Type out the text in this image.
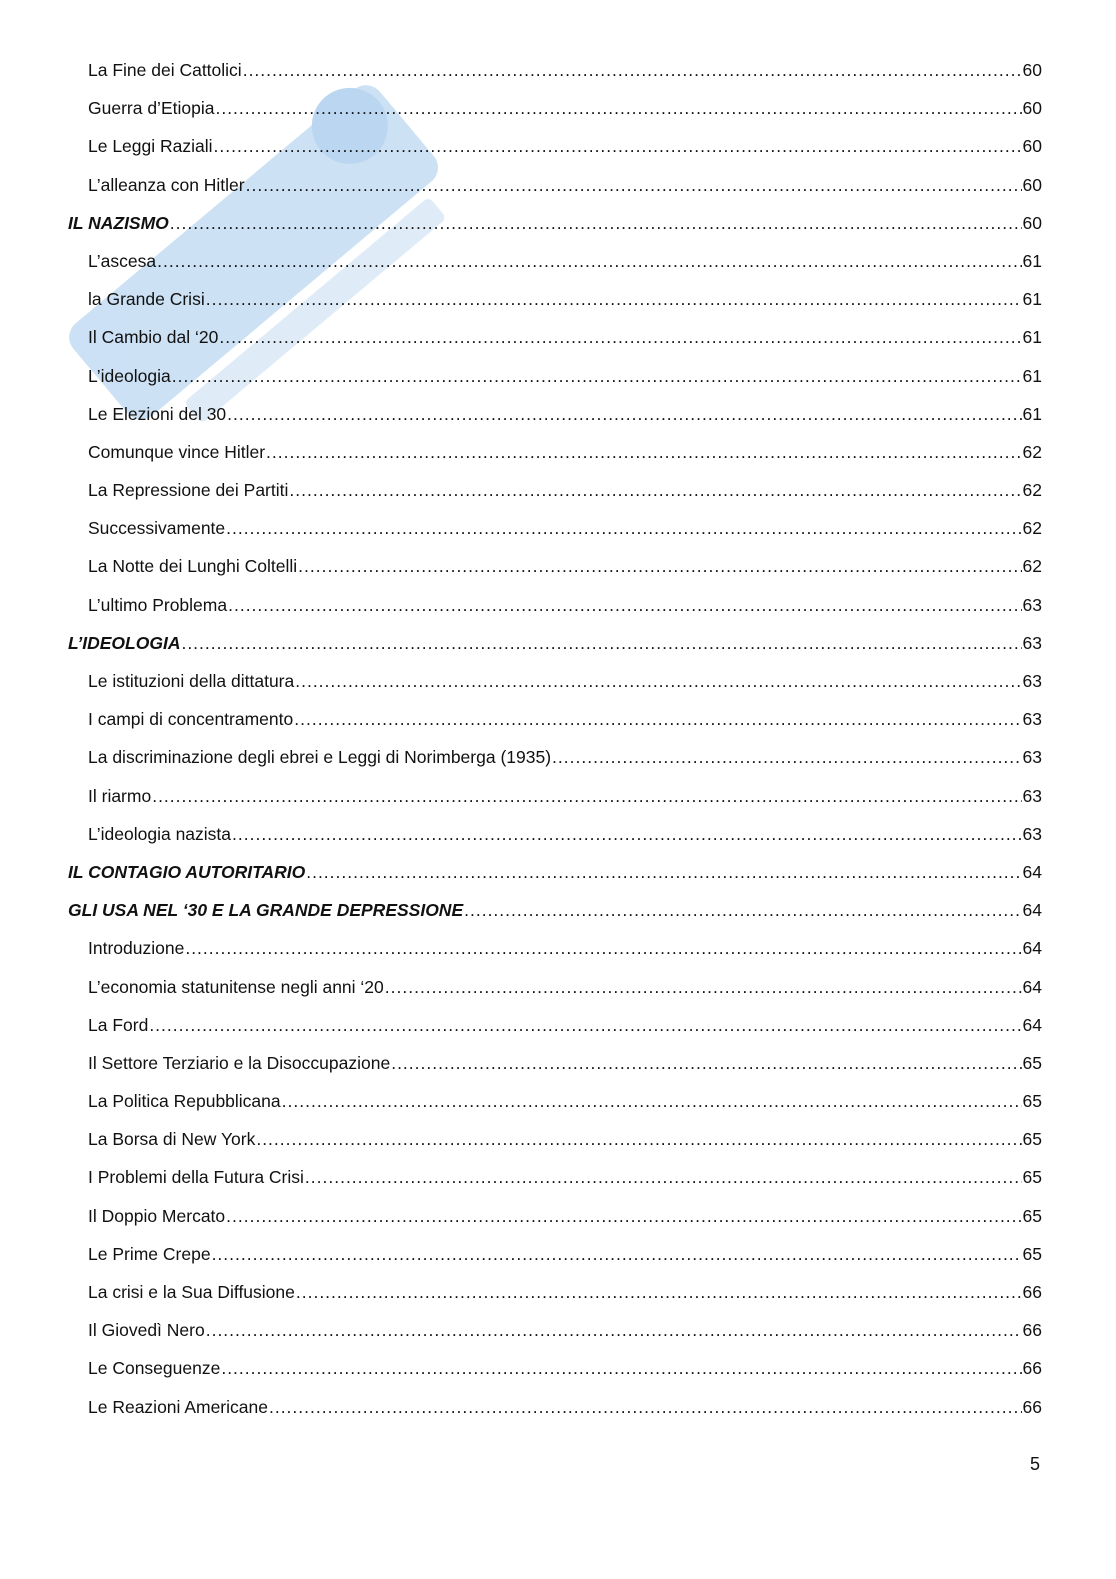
La Fine dei Cattolici .....	60
Guerra d’Etiopia .....	60
Le Leggi Raziali .....	60
L’alleanza con Hitler .....	60
IL NAZISMO .....	60
L’ascesa .....	61
la Grande Crisi .....	61
Il Cambio dal ‘20 .....	61
L’ideologia .....	61
Le Elezioni del 30 .....	61
Comunque vince Hitler .....	62
La Repressione dei Partiti .....	62
Successivamente .....	62
La Notte dei Lunghi Coltelli .....	62
L’ultimo Problema .....	63
L’IDEOLOGIA .....	63
Le istituzioni della dittatura .....	63
I campi di concentramento .....	63
La discriminazione degli ebrei e Leggi di Norimberga (1935) .....	63
Il riarmo .....	63
L’ideologia nazista .....	63
IL CONTAGIO AUTORITARIO .....	64
GLI USA NEL ‘30 E LA GRANDE DEPRESSIONE .....	64
Introduzione .....	64
L’economia statunitense negli anni ‘20 .....	64
La Ford .....	64
Il Settore Terziario e la Disoccupazione .....	65
La Politica Repubblicana .....	65
La Borsa di New York .....	65
I Problemi della Futura Crisi .....	65
Il Doppio Mercato .....	65
Le Prime Crepe .....	65
La crisi e la Sua Diffusione .....	66
Il Giovedì Nero .....	66
Le Conseguenze .....	66
Le Reazioni Americane .....	66
5
